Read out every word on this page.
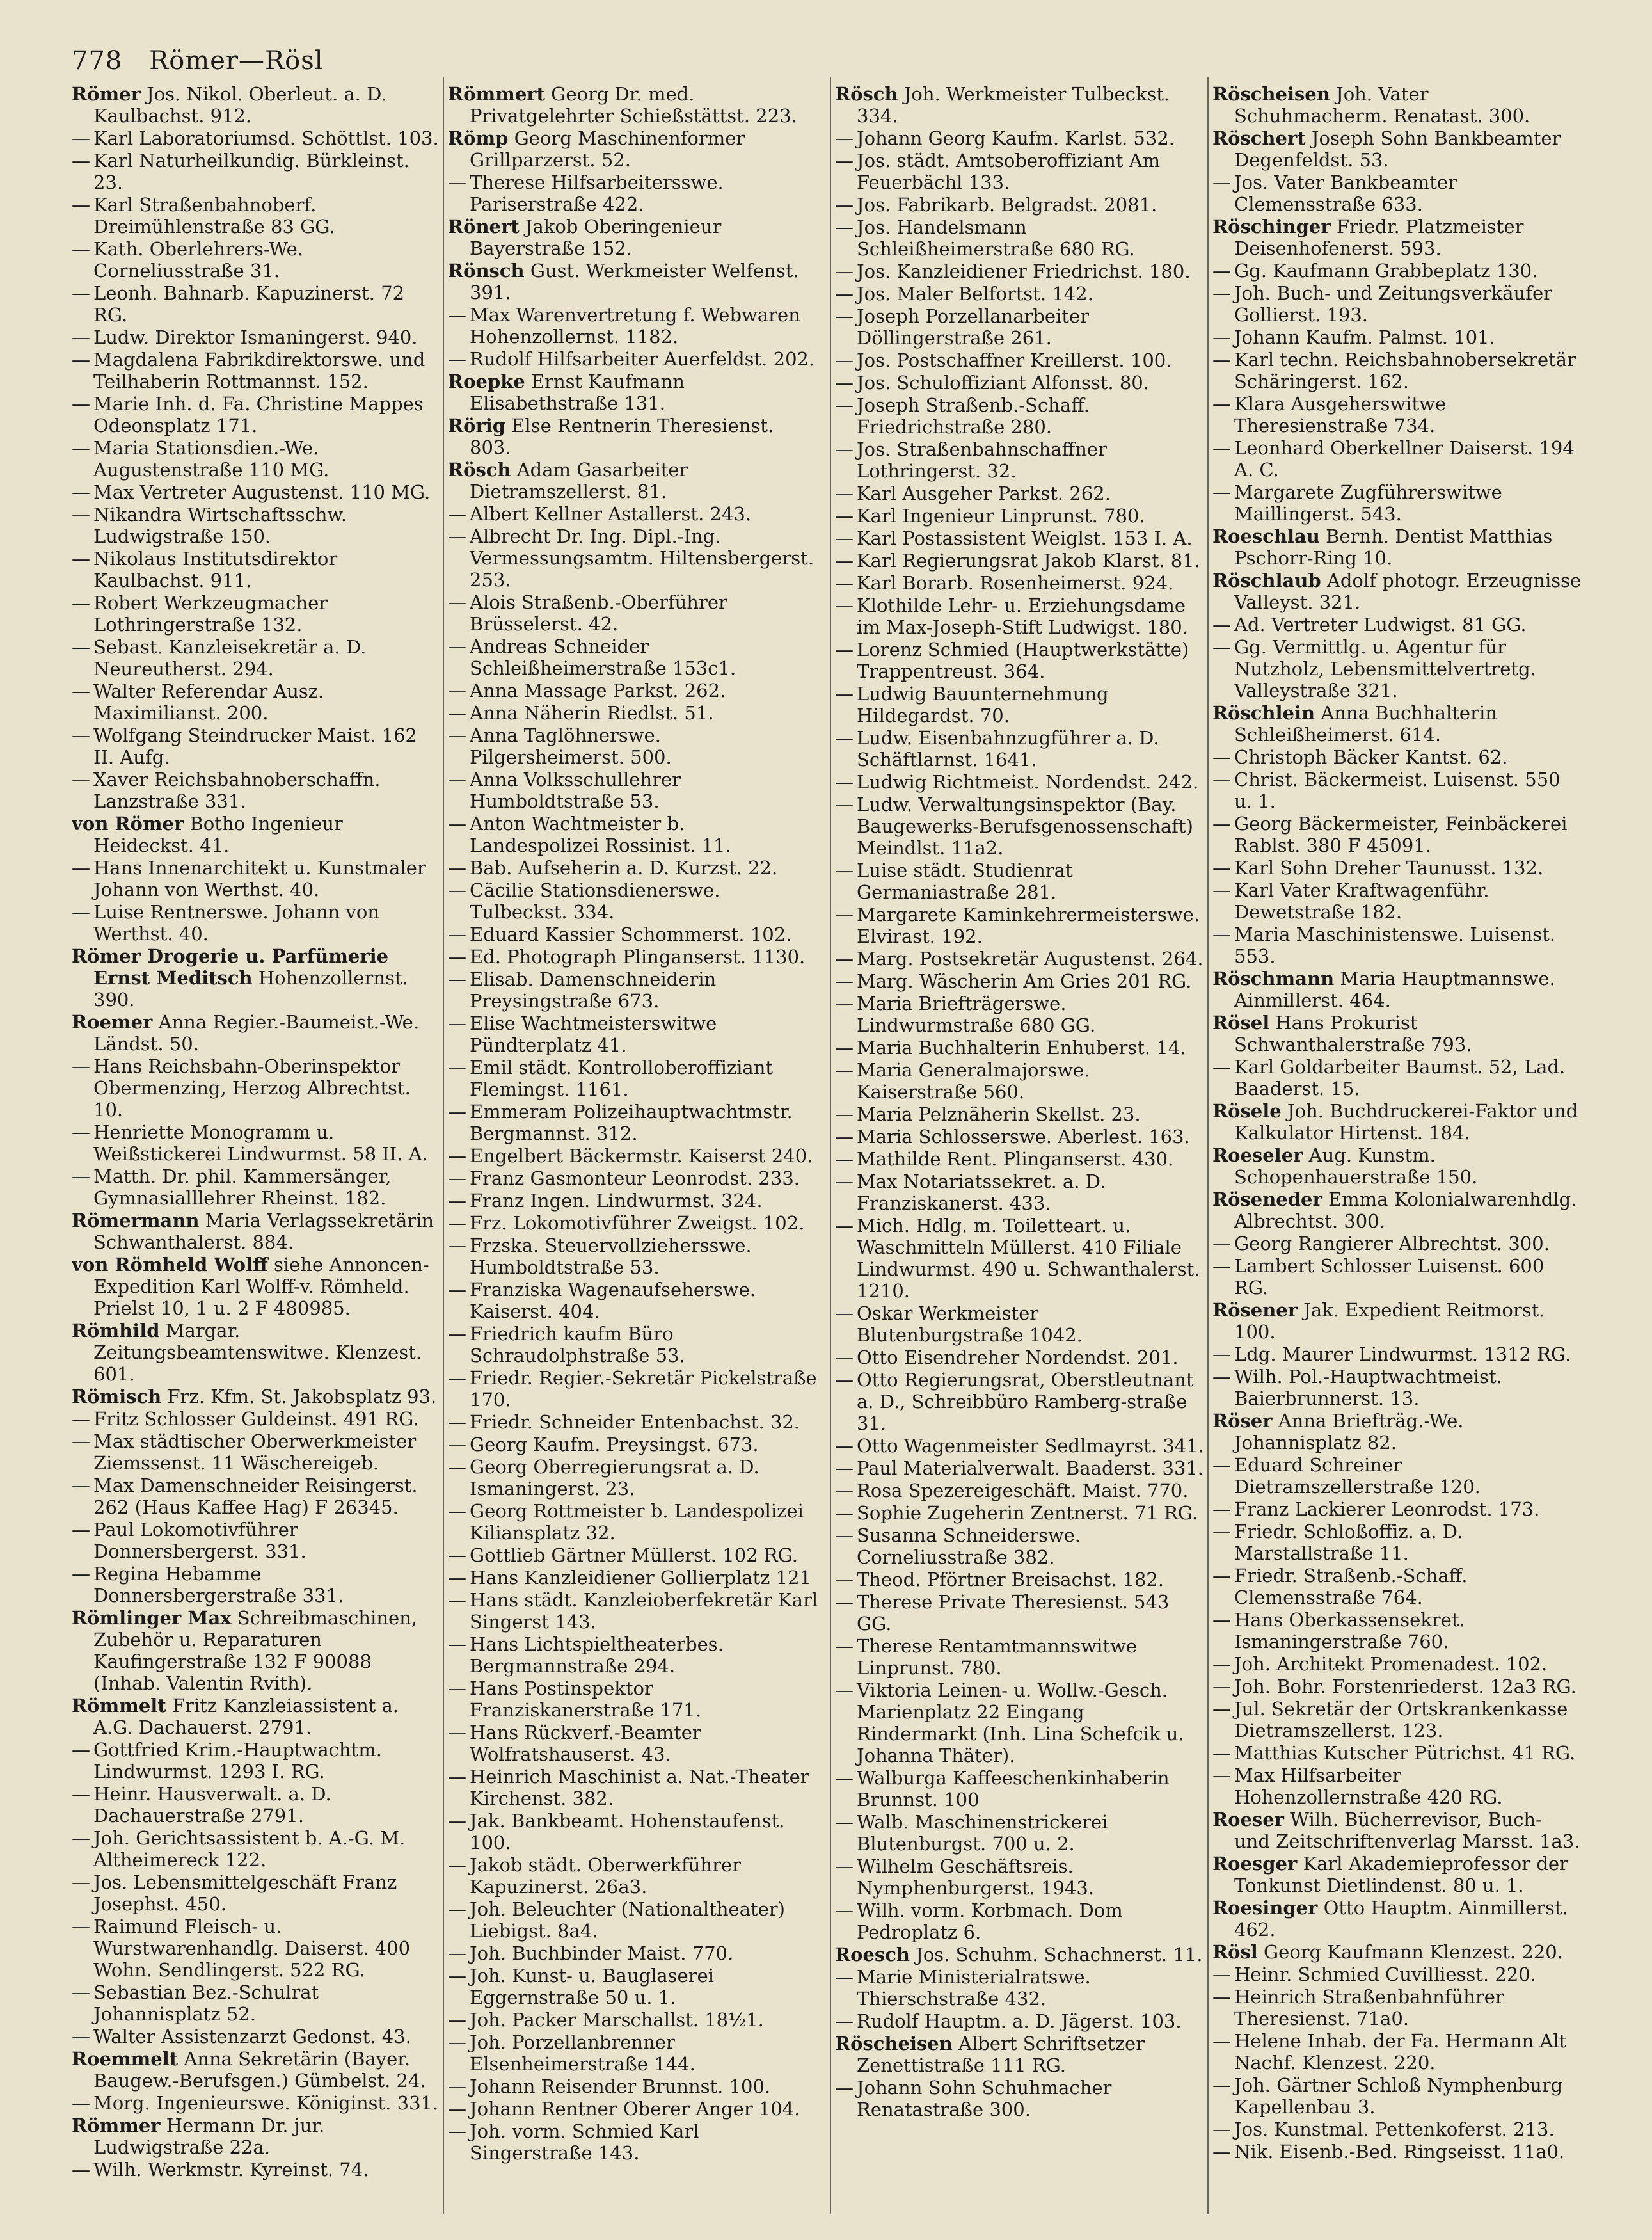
778 Römer—Rösl
Römer Jos. Nikol. Oberleut. a. D. Kaulbachst. 912.
— Karl Laboratoriumsd. Schöttlst. 103.
— Karl Naturheilkundig. Bürkleinst. 23.
— Karl Straßenbahnoberf. Dreimühlenstraße 83 GG.
— Kath. Oberlehrers-We. Corneliusstraße 31.
— Leonh. Bahnarb. Kapuzinerst. 72 RG.
— Ludw. Direktor Ismaningerst. 940.
— Magdalena Fabrikdirektorswe. und Teilhaberin Rottmannst. 152.
— Marie Inh. d. Fa. Christine Mappes Odeonsplatz 171.
— Maria Stationsdien.-We. Augustenstraße 110 MG.
— Max Vertreter Augustenst. 110 MG.
— Nikandra Wirtschaftsschw. Ludwigstraße 150.
— Nikolaus Institutsdirektor Kaulbachst. 911.
— Robert Werkzeugmacher Lothringerstraße 132.
— Sebast. Kanzleisekretär a. D. Neureutherst. 294.
— Walter Referendar Ausz. Maximilianst. 200.
— Wolfgang Steindrucker Maist. 162 II. Aufg.
— Xaver Reichsbahnoberschaffn. Lanzstraße 331.
von Römer Botho Ingenieur Heideckst. 41.
— Hans Innenarchitekt u. Kunstmaler Johann von Werthst. 40.
— Luise Rentnerswe. Johann von Werthst. 40.
Römer Drogerie u. Parfümerie Ernst Meditsch Hohenzollernst. 390.
Roemer Anna Regier.-Baumeist.-We. Ländst. 50.
— Hans Reichsbahn-Oberinspektor Obermenzing, Herzog Albrechtst. 10.
— Henriette Monogramm u. Weißstickerei Lindwurmst. 58 II. A.
— Matth. Dr. phil. Kammersänger, Gymnasialllehrer Rheinst. 182.
Römermann Maria Verlagssekretärin Schwanthalerst. 884.
von Römheld Wolff siehe Annoncen-Expedition Karl Wolff-v. Römheld. Prielst 10, 1 u. 2 F 480985.
Römhild Margar. Zeitungsbeamtenswitwe. Klenzest. 601.
Römisch Frz. Kfm. St. Jakobsplatz 93.
— Fritz Schlosser Guldeinst. 491 RG.
— Max städtischer Oberwerkmeister Ziemssenst. 11 Wäschereigeb.
— Max Damenschneider Reisingerst. 262 (Haus Kaffee Hag) F 26345.
— Paul Lokomotivführer Donnersbergerst. 331.
— Regina Hebamme Donnersbergerstraße 331.
Römlinger Max Schreibmaschinen, Zubehör u. Reparaturen Kaufingerstraße 132 F 90088 (Inhab. Valentin Rvith).
Römmelt Fritz Kanzleiassistent a. A.G. Dachauerst. 2791.
— Gottfried Krim.-Hauptwachtm. Lindwurmst. 1293 I. RG.
— Heinr. Hausverwalt. a. D. Dachauerstraße 2791.
— Joh. Gerichtsassistent b. A.-G. M. Altheimereck 122.
— Jos. Lebensmittelgeschäft Franz Josephst. 450.
— Raimund Fleisch- u. Wurstwarenhandlg. Daiserst. 400 Wohn. Sendlingerst. 522 RG.
— Sebastian Bez.-Schulrat Johannisplatz 52.
— Walter Assistenzarzt Gedonst. 43.
Roemmelt Anna Sekretärin (Bayer. Baugew.-Berufsgen.) Gümbelst. 24.
— Morg. Ingenieurswe. Königinst. 331.
Römmer Hermann Dr. jur. Ludwigstraße 22a.
— Wilh. Werkmstr. Kyreinst. 74.
Römmert Georg Dr. med. Privatgelehrter Schießstättst. 223.
Römp Georg Maschinenformer Grillparzerst. 52.
— Therese Hilfsarbeitersswe. Pariserstraße 422.
Rönert Jakob Oberingenieur Bayerstraße 152.
Rönsch Gust. Werkmeister Welfenst. 391.
— Max Warenvertretung f. Webwaren Hohenzollernst. 1182.
— Rudolf Hilfsarbeiter Auerfeldst. 202.
Roepke Ernst Kaufmann Elisabethstraße 131.
Rörig Else Rentnerin Theresienst. 803.
Rösch Adam Gasarbeiter Dietramszellerst. 81.
— Albert Kellner Astallerst. 243.
— Albrecht Dr. Ing. Dipl.-Ing. Vermessungsamtm. Hiltensbergerst. 253.
— Alois Straßenb.-Oberführer Brüsselerst. 42.
— Andreas Schneider Schleißheimerstraße 153c1.
— Anna Massage Parkst. 262.
— Anna Näherin Riedlst. 51.
— Anna Taglöhnerswe. Pilgersheimerst. 500.
— Anna Volksschullehrer Humboldtstraße 53.
— Anton Wachtmeister b. Landespolizei Rossinist. 11.
— Bab. Aufseherin a. D. Kurzst. 22.
— Cäcilie Stationsdienerswe. Tulbeckst. 334.
— Eduard Kassier Schommerst. 102.
— Ed. Photograph Plinganserst. 1130.
— Elisab. Damenschneiderin Preysingstraße 673.
— Elise Wachtmeisterswitwe Pündterplatz 41.
— Emil städt. Kontrolloberoffiziant Flemingst. 1161.
— Emmeram Polizeihauptwachtmstr. Bergmannst. 312.
— Engelbert Bäckermstr. Kaiserst 240.
— Franz Gasmonteur Leonrodst. 233.
— Franz Ingen. Lindwurmst. 324.
— Frz. Lokomotivführer Zweigst. 102.
— Frzska. Steuervollziehersswe. Humboldtstraße 53.
— Franziska Wagenaufseherswe. Kaiserst. 404.
— Friedrich kaufm Büro Schraudolphstraße 53.
— Friedr. Regier.-Sekretär Pickelstraße 170.
— Friedr. Schneider Entenbachst. 32.
— Georg Kaufm. Preysingst. 673.
— Georg Oberregierungsrat a. D. Ismaningerst. 23.
— Georg Rottmeister b. Landespolizei Kiliansplatz 32.
— Gottlieb Gärtner Müllerst. 102 RG.
— Hans Kanzleidiener Gollierplatz 121
— Hans städt. Kanzleioberfekretär Karl Singerst 143.
— Hans Lichtspieltheaterbes. Bergmannstraße 294.
— Hans Postinspektor Franziskanerstraße 171.
— Hans Rückverf.-Beamter Wolfratshauserst. 43.
— Heinrich Maschinist a. Nat.-Theater Kirchenst. 382.
— Jak. Bankbeamt. Hohenstaufenst. 100.
— Jakob städt. Oberwerkführer Kapuzinerst. 26a3.
— Joh. Beleuchter (Nationaltheater) Liebigst. 8a4.
— Joh. Buchbinder Maist. 770.
— Joh. Kunst- u. Bauglaserei Eggernstraße 50 u. 1.
— Joh. Packer Marschallst. 18½1.
— Joh. Porzellanbrenner Elsenheimerstraße 144.
— Johann Reisender Brunnst. 100.
— Johann Rentner Oberer Anger 104.
— Joh. vorm. Schmied Karl Singerstraße 143.
Rösch Joh. Werkmeister Tulbeckst. 334.
— Johann Georg Kaufm. Karlst. 532.
— Jos. städt. Amtsoberoffiziant Am Feuerbächl 133.
— Jos. Fabrikarb. Belgradst. 2081.
— Jos. Handelsmann Schleißheimerstraße 680 RG.
— Jos. Kanzleidiener Friedrichst. 180.
— Jos. Maler Belfortst. 142.
— Joseph Porzellanarbeiter Döllingerstraße 261.
— Jos. Postschaffner Kreillerst. 100.
— Jos. Schuloffiziant Alfonsst. 80.
— Joseph Straßenb.-Schaff. Friedrichstraße 280.
— Jos. Straßenbahnschaffner Lothringerst. 32.
— Karl Ausgeher Parkst. 262.
— Karl Ingenieur Linprunst. 780.
— Karl Postassistent Weiglst. 153 I. A.
— Karl Regierungsrat Jakob Klarst. 81.
— Karl Borarb. Rosenheimerst. 924.
— Klothilde Lehr- u. Erziehungsdame im Max-Joseph-Stift Ludwigst. 180.
— Lorenz Schmied (Hauptwerkstätte) Trappentreust. 364.
— Ludwig Bauunternehmung Hildegardst. 70.
— Ludw. Eisenbahnzugführer a. D. Schäftlarnst. 1641.
— Ludwig Richtmeist. Nordendst. 242.
— Ludw. Verwaltungsinspektor (Bay. Baugewerks-Berufsgenossenschaft) Meindlst. 11a2.
— Luise städt. Studienrat Germaniastraße 281.
— Margarete Kaminkehrermeisterswe. Elvirast. 192.
— Marg. Postsekretär Augustenst. 264.
— Marg. Wäscherin Am Gries 201 RG.
— Maria Briefträgerswe. Lindwurmstraße 680 GG.
— Maria Buchhalterin Enhuberst. 14.
— Maria Generalmajorswe. Kaiserstraße 560.
— Maria Pelznäherin Skellst. 23.
— Maria Schlosserswe. Aberlest. 163.
— Mathilde Rent. Plinganserst. 430.
— Max Notariatssekret. a. D. Franziskanerst. 433.
— Mich. Hdlg. m. Toiletteart. u. Waschmitteln Müllerst. 410 Filiale Lindwurmst. 490 u. Schwanthalerst. 1210.
— Oskar Werkmeister Blutenburgstraße 1042.
— Otto Eisendreher Nordendst. 201.
— Otto Regierungsrat, Oberstleutnant a. D., Schreibbüro Ramberg-straße 31.
— Otto Wagenmeister Sedlmayrst. 341.
— Paul Materialverwalt. Baaderst. 331.
— Rosa Spezereigeschäft. Maist. 770.
— Sophie Zugeherin Zentnerst. 71 RG.
— Susanna Schneiderswe. Corneliusstraße 382.
— Theod. Pförtner Breisachst. 182.
— Therese Private Theresienst. 543 GG.
— Therese Rentamtmannswitwe Linprunst. 780.
— Viktoria Leinen- u. Wollw.-Gesch. Marienplatz 22 Eingang Rindermarkt (Inh. Lina Schefcik u. Johanna Thäter).
— Walburga Kaffeeschenkinhaberin Brunnst. 100
— Walb. Maschinenstrickerei Blutenburgst. 700 u. 2.
— Wilhelm Geschäftsreis. Nymphenburgerst. 1943.
— Wilh. vorm. Korbmach. Dom Pedroplatz 6.
Roesch Jos. Schuhm. Schachnerst. 11.
— Marie Ministerialratswe. Thierschstraße 432.
— Rudolf Hauptm. a. D. Jägerst. 103.
Röscheisen Albert Schriftsetzer Zenettistraße 111 RG.
— Johann Sohn Schuhmacher Renatastraße 300.
Röscheisen Joh. Vater Schuhmacherm. Renatast. 300.
Röschert Joseph Sohn Bankbeamter Degenfeldst. 53.
— Jos. Vater Bankbeamter Clemensstraße 633.
Röschinger Friedr. Platzmeister Deisenhofenerst. 593.
— Gg. Kaufmann Grabbeplatz 130.
— Joh. Buch- und Zeitungsverkäufer Gollierst. 193.
— Johann Kaufm. Palmst. 101.
— Karl techn. Reichsbahnobersekretär Schäringerst. 162.
— Klara Ausgeherswitwe Theresienstraße 734.
— Leonhard Oberkellner Daiserst. 194 A. C.
— Margarete Zugführerswitwe Maillingerst. 543.
Roeschlau Bernh. Dentist Matthias Pschorr-Ring 10.
Röschlaub Adolf photogr. Erzeugnisse Valleyst. 321.
— Ad. Vertreter Ludwigst. 81 GG.
— Gg. Vermittlg. u. Agentur für Nutzholz, Lebensmittelvertretg. Valleystraße 321.
Röschlein Anna Buchhalterin Schleißheimerst. 614.
— Christoph Bäcker Kantst. 62.
— Christ. Bäckermeist. Luisenst. 550 u. 1.
— Georg Bäckermeister, Feinbäckerei Rablst. 380 F 45091.
— Karl Sohn Dreher Taunusst. 132.
— Karl Vater Kraftwagenführ. Dewetstraße 182.
— Maria Maschinistenswe. Luisenst. 553.
Röschmann Maria Hauptmannswe. Ainmillerst. 464.
Rösel Hans Prokurist Schwanthalerstraße 793.
— Karl Goldarbeiter Baumst. 52, Lad. Baaderst. 15.
Rösele Joh. Buchdruckerei-Faktor und Kalkulator Hirtenst. 184.
Roeseler Aug. Kunstm. Schopenhauerstraße 150.
Röseneder Emma Kolonialwarenhdlg. Albrechtst. 300.
— Georg Rangierer Albrechtst. 300.
— Lambert Schlosser Luisenst. 600 RG.
Rösener Jak. Expedient Reitmorst. 100.
— Ldg. Maurer Lindwurmst. 1312 RG.
— Wilh. Pol.-Hauptwachtmeist. Baierbrunnerst. 13.
Röser Anna Briefträg.-We. Johannisplatz 82.
— Eduard Schreiner Dietramszellerstraße 120.
— Franz Lackierer Leonrodst. 173.
— Friedr. Schloßoffiz. a. D. Marstallstraße 11.
— Friedr. Straßenb.-Schaff. Clemensstraße 764.
— Hans Oberkassensekret. Ismaningerstraße 760.
— Joh. Architekt Promenadest. 102.
— Joh. Bohr. Forstenriederst. 12a3 RG.
— Jul. Sekretär der Ortskrankenkasse Dietramszellerst. 123.
— Matthias Kutscher Pütrichst. 41 RG.
— Max Hilfsarbeiter Hohenzollernstraße 420 RG.
Roeser Wilh. Bücherrevisor, Buch- und Zeitschriftenverlag Marsst. 1a3.
Roesger Karl Akademieprofessor der Tonkunst Dietlindenst. 80 u. 1.
Roesinger Otto Hauptm. Ainmillerst. 462.
Rösl Georg Kaufmann Klenzest. 220.
— Heinr. Schmied Cuvilliesst. 220.
— Heinrich Straßenbahnführer Theresienst. 71a0.
— Helene Inhab. der Fa. Hermann Alt Nachf. Klenzest. 220.
— Joh. Gärtner Schloß Nymphenburg Kapellenbau 3.
— Jos. Kunstmal. Pettenkoferst. 213.
— Nik. Eisenb.-Bed. Ringseisst. 11a0.
